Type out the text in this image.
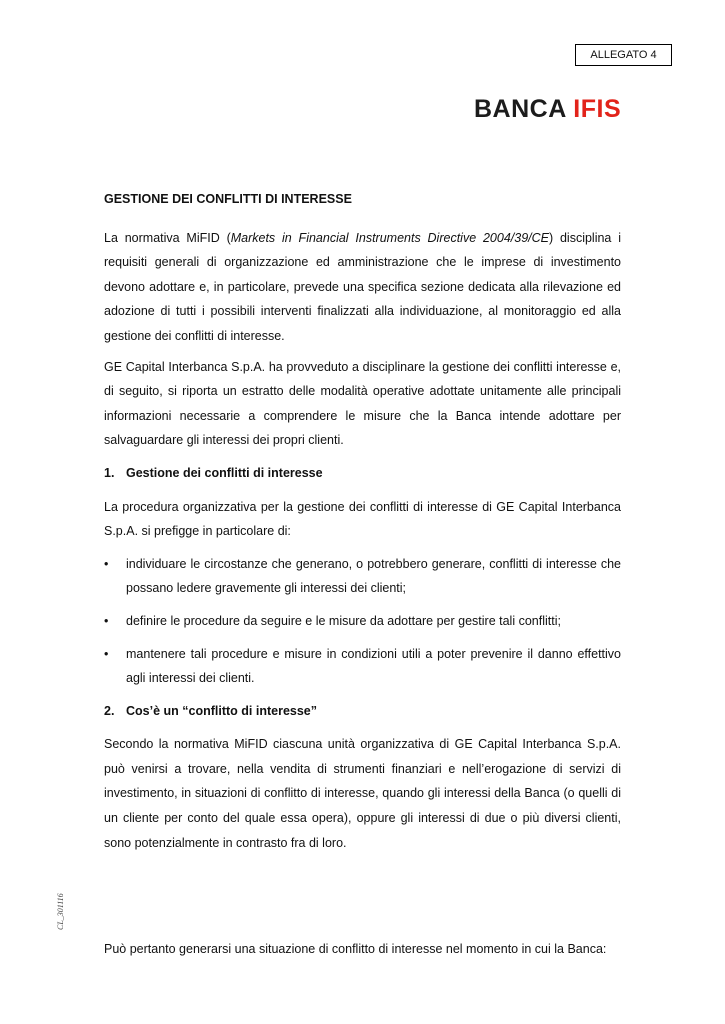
ALLEGATO 4
BANCA IFIS
CL_301116

GESTIONE DEI CONFLITTI DI INTERESSE

La normativa MiFID (Markets in Financial Instruments Directive 2004/39/CE) disciplina i requisiti generali di organizzazione ed amministrazione che le imprese di investimento devono adottare e, in particolare, prevede una specifica sezione dedicata alla rilevazione ed adozione di tutti i possibili interventi finalizzati alla individuazione, al monitoraggio ed alla gestione dei conflitti di interesse.

GE Capital Interbanca S.p.A. ha provveduto a disciplinare la gestione dei conflitti interesse e, di seguito, si riporta un estratto delle modalità operative adottate unitamente alle principali informazioni necessarie a comprendere le misure che la Banca intende adottare per salvaguardare gli interessi dei propri clienti.

1. Gestione dei conflitti di interesse

La procedura organizzativa per la gestione dei conflitti di interesse di GE Capital Interbanca S.p.A. si prefigge in particolare di:

• individuare le circostanze che generano, o potrebbero generare, conflitti di interesse che possano ledere gravemente gli interessi dei clienti;
• definire le procedure da seguire e le misure da adottare per gestire tali conflitti;
• mantenere tali procedure e misure in condizioni utili a poter prevenire il danno effettivo agli interessi dei clienti.

2. Cos’è un “conflitto di interesse”

Secondo la normativa MiFID ciascuna unità organizzativa di GE Capital Interbanca S.p.A. può venirsi a trovare, nella vendita di strumenti finanziari e nell’erogazione di servizi di investimento, in situazioni di conflitto di interesse, quando gli interessi della Banca (o quelli di un cliente per conto del quale essa opera), oppure gli interessi di due o più diversi clienti, sono potenzialmente in contrasto fra di loro.

Può pertanto generarsi una situazione di conflitto di interesse nel momento in cui la Banca:
